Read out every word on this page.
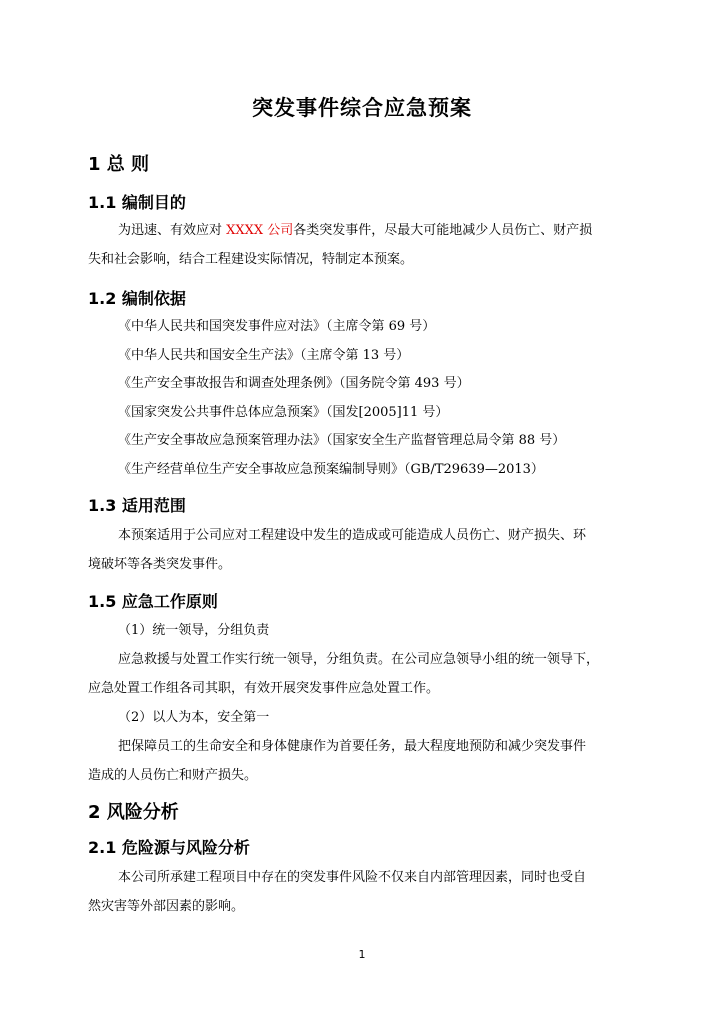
突发事件综合应急预案
1 总 则
1.1 编制目的
为迅速、有效应对 XXXX 公司各类突发事件，尽最大可能地减少人员伤亡、财产损
失和社会影响，结合工程建设实际情况，特制定本预案。
1.2 编制依据
《中华人民共和国突发事件应对法》（主席令第 69 号）
《中华人民共和国安全生产法》（主席令第 13 号）
《生产安全事故报告和调查处理条例》（国务院令第 493 号）
《国家突发公共事件总体应急预案》（国发[2005]11 号）
《生产安全事故应急预案管理办法》（国家安全生产监督管理总局令第 88 号）
《生产经营单位生产安全事故应急预案编制导则》（GB/T29639—2013）
1.3 适用范围
本预案适用于公司应对工程建设中发生的造成或可能造成人员伤亡、财产损失、环
境破坏等各类突发事件。
1.5 应急工作原则
（1）统一领导，分组负责
应急救援与处置工作实行统一领导，分组负责。在公司应急领导小组的统一领导下，
应急处置工作组各司其职，有效开展突发事件应急处置工作。
（2）以人为本，安全第一
把保障员工的生命安全和身体健康作为首要任务，最大程度地预防和减少突发事件
造成的人员伤亡和财产损失。
2 风险分析
2.1 危险源与风险分析
本公司所承建工程项目中存在的突发事件风险不仅来自内部管理因素，同时也受自
然灾害等外部因素的影响。
1
